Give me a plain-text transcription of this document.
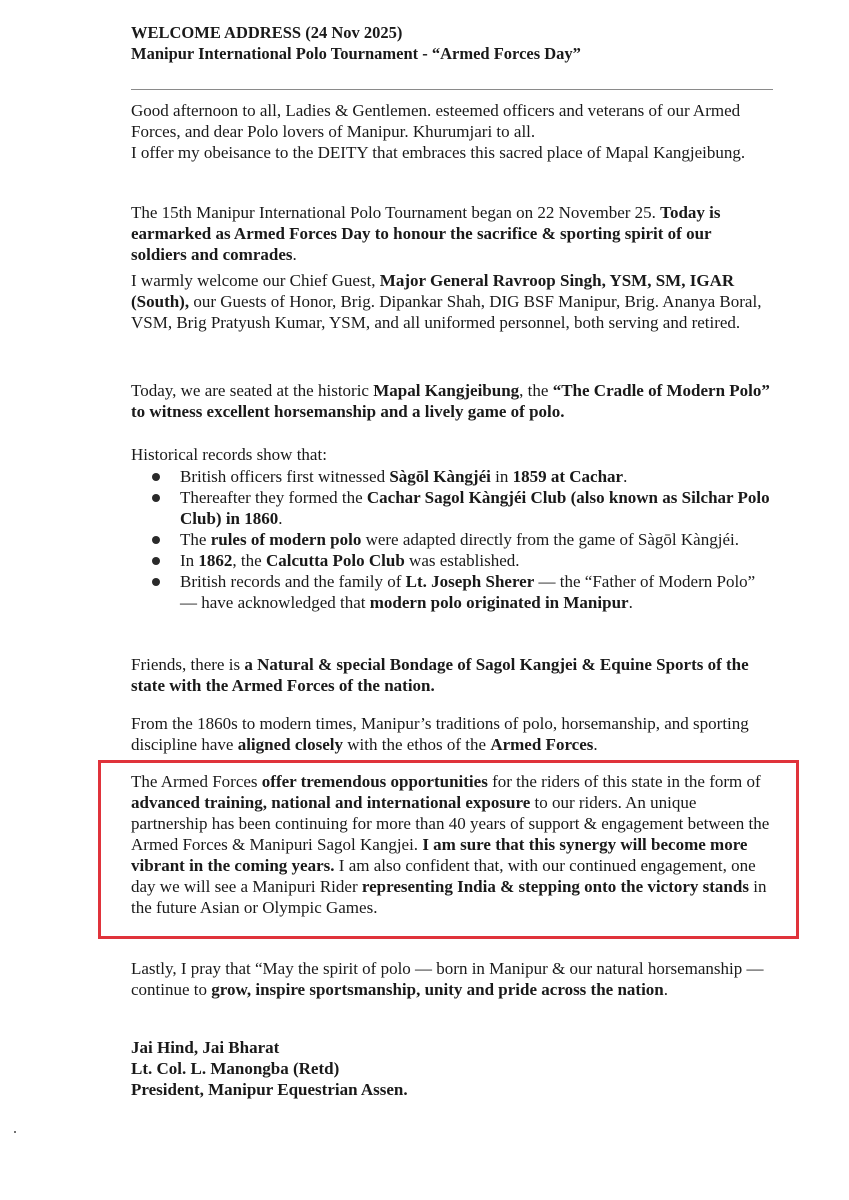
WELCOME ADDRESS (24 Nov 2025)
Manipur International Polo Tournament - “Armed Forces Day”
Good afternoon to all, Ladies & Gentlemen. esteemed officers and veterans of our Armed Forces, and dear Polo lovers of Manipur. Khurumjari to all.
I offer my obeisance to the DEITY that embraces this sacred place of Mapal Kangjeibung.

The 15th Manipur International Polo Tournament began on 22 November 25. Today is earmarked as Armed Forces Day to honour the sacrifice & sporting spirit of our soldiers and comrades.

I warmly welcome our Chief Guest, Major General Ravroop Singh, YSM, SM, IGAR (South), our Guests of Honor, Brig. Dipankar Shah, DIG BSF Manipur, Brig. Ananya Boral, VSM, Brig Pratyush Kumar, YSM, and all uniformed personnel, both serving and retired.

Today, we are seated at the historic Mapal Kangjeibung, the “The Cradle of Modern Polo” to witness excellent horsemanship and a lively game of polo.

Historical records show that:

British officers first witnessed Sàgōl Kàngjéi in 1859 at Cachar.
Thereafter they formed the Cachar Sagol Kàngjéi Club (also known as Silchar Polo Club) in 1860.
The rules of modern polo were adapted directly from the game of Sàgōl Kàngjéi.
In 1862, the Calcutta Polo Club was established.
British records and the family of Lt. Joseph Sherer — the “Father of Modern Polo” — have acknowledged that modern polo originated in Manipur.

Friends, there is a Natural & special Bondage of Sagol Kangjei & Equine Sports of the state with the Armed Forces of the nation.

From the 1860s to modern times, Manipur’s traditions of polo, horsemanship, and sporting discipline have aligned closely with the ethos of the Armed Forces.

The Armed Forces offer tremendous opportunities for the riders of this state in the form of advanced training, national and international exposure to our riders. An unique partnership has been continuing for more than 40 years of support & engagement between the Armed Forces & Manipuri Sagol Kangjei. I am sure that this synergy will become more vibrant in the coming years. I am also confident that, with our continued engagement, one day we will see a Manipuri Rider representing India & stepping onto the victory stands in the future Asian or Olympic Games.

Lastly, I pray that “May the spirit of polo — born in Manipur & our natural horsemanship — continue to grow, inspire sportsmanship, unity and pride across the nation.

Jai Hind, Jai Bharat

Lt. Col. L. Manongba (Retd)

President, Manipur Equestrian Assen.
